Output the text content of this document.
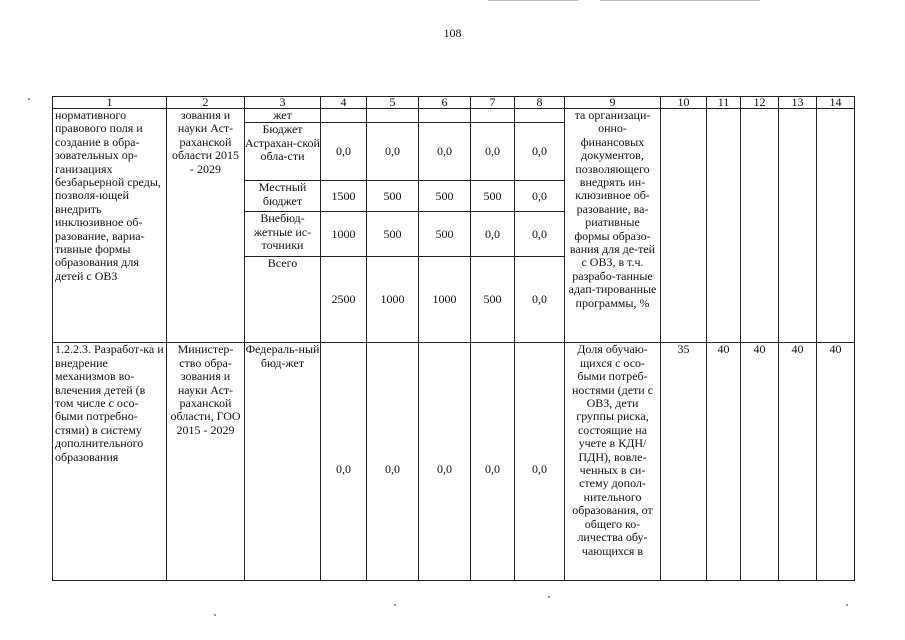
108
1	2	3	4	5	6	7	8	9	10	11	12	13	14
нормативного правового поля и создание в обра-зовательных ор-ганизациях безбарьерной среды, позволя-ющей внедрить инклюзивное об-разование, вариа-тивные формы образования для детей с ОВЗ	зования и науки Аст-раханской области 2015 - 2029	жет						та организаци-онно-финансовых документов, позволяющего внедрять ин-клюзивное об-разование, ва-риативные формы образо-вания для де-тей с ОВЗ, в т.ч. разрабо-танные адап-тированные программы, %					
		Бюджет Астрахан-ской обла-сти	0,0	0,0	0,0	0,0	0,0						
		Местный бюджет	1500	500	500	500	0,0						
		Внебюд-жетные ис-точники	1000	500	500	0,0	0,0						
		Всего	2500	1000	1000	500	0,0						
1.2.2.3. Разработ-ка и внедрение механизмов во-влечения детей (в том числе с осо-быми потребно-стями) в систему дополнительного образования	Министер-ство обра-зования и науки Аст-раханской области, ГОО 2015 - 2029	Федераль-ный бюд-жет	0,0	0,0	0,0	0,0	0,0	Доля обучаю-щихся с осо-быми потреб-ностями (дети с ОВЗ, дети группы риска, состоящие на учете в КДН/ ПДН), вовле-ченных в си-стему допол-нительного образования, от общего ко-личества обу-чающихся в	35	40	40	40	40
